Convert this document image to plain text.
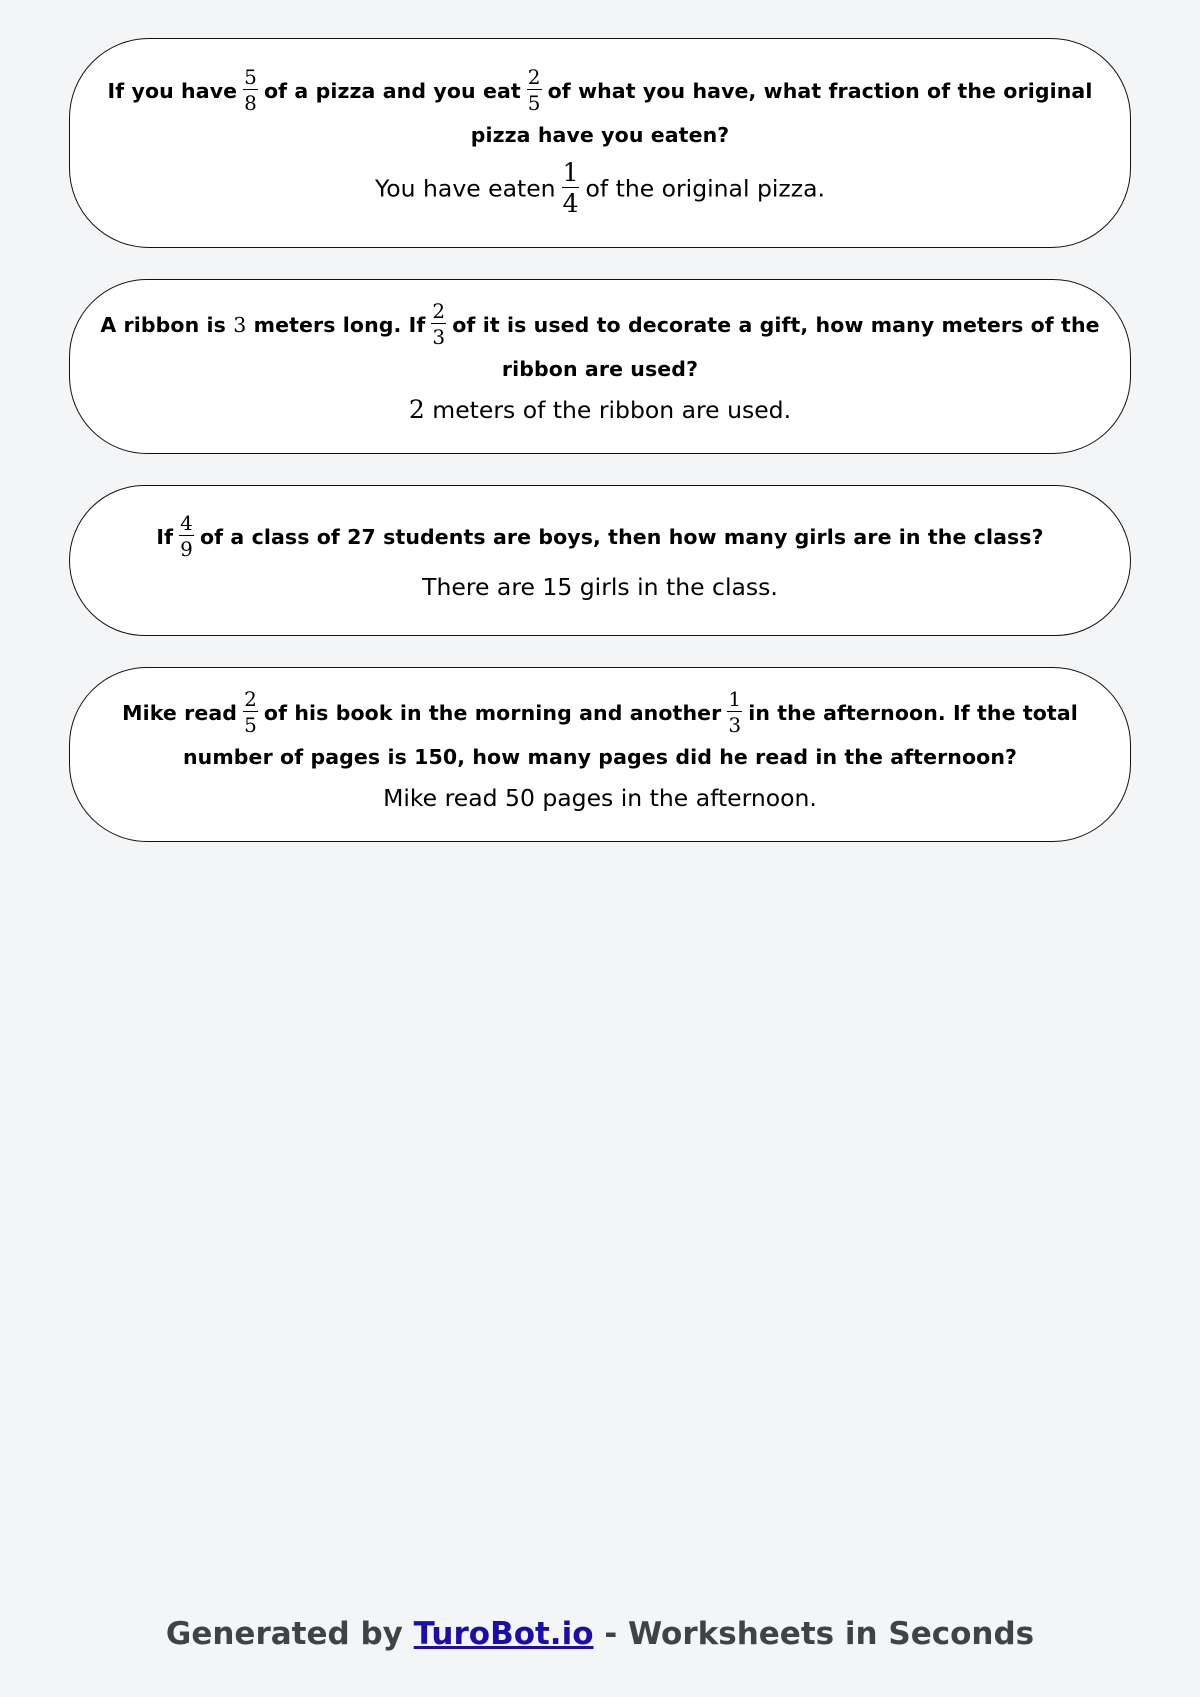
If you have $\frac{5}{8}$ of a pizza and you eat $\frac{2}{5}$ of what you have, what fraction of the original pizza have you eaten?
You have eaten $\frac{1}{4}$ of the original pizza.
A ribbon is 3 meters long. If $\frac{2}{3}$ of it is used to decorate a gift, how many meters of the ribbon are used?
2 meters of the ribbon are used.
If $\frac{4}{9}$ of a class of 27 students are boys, then how many girls are in the class?
There are 15 girls in the class.
Mike read $\frac{2}{5}$ of his book in the morning and another $\frac{1}{3}$ in the afternoon. If the total number of pages is 150, how many pages did he read in the afternoon?
Mike read 50 pages in the afternoon.
Generated by TuroBot.io - Worksheets in Seconds
